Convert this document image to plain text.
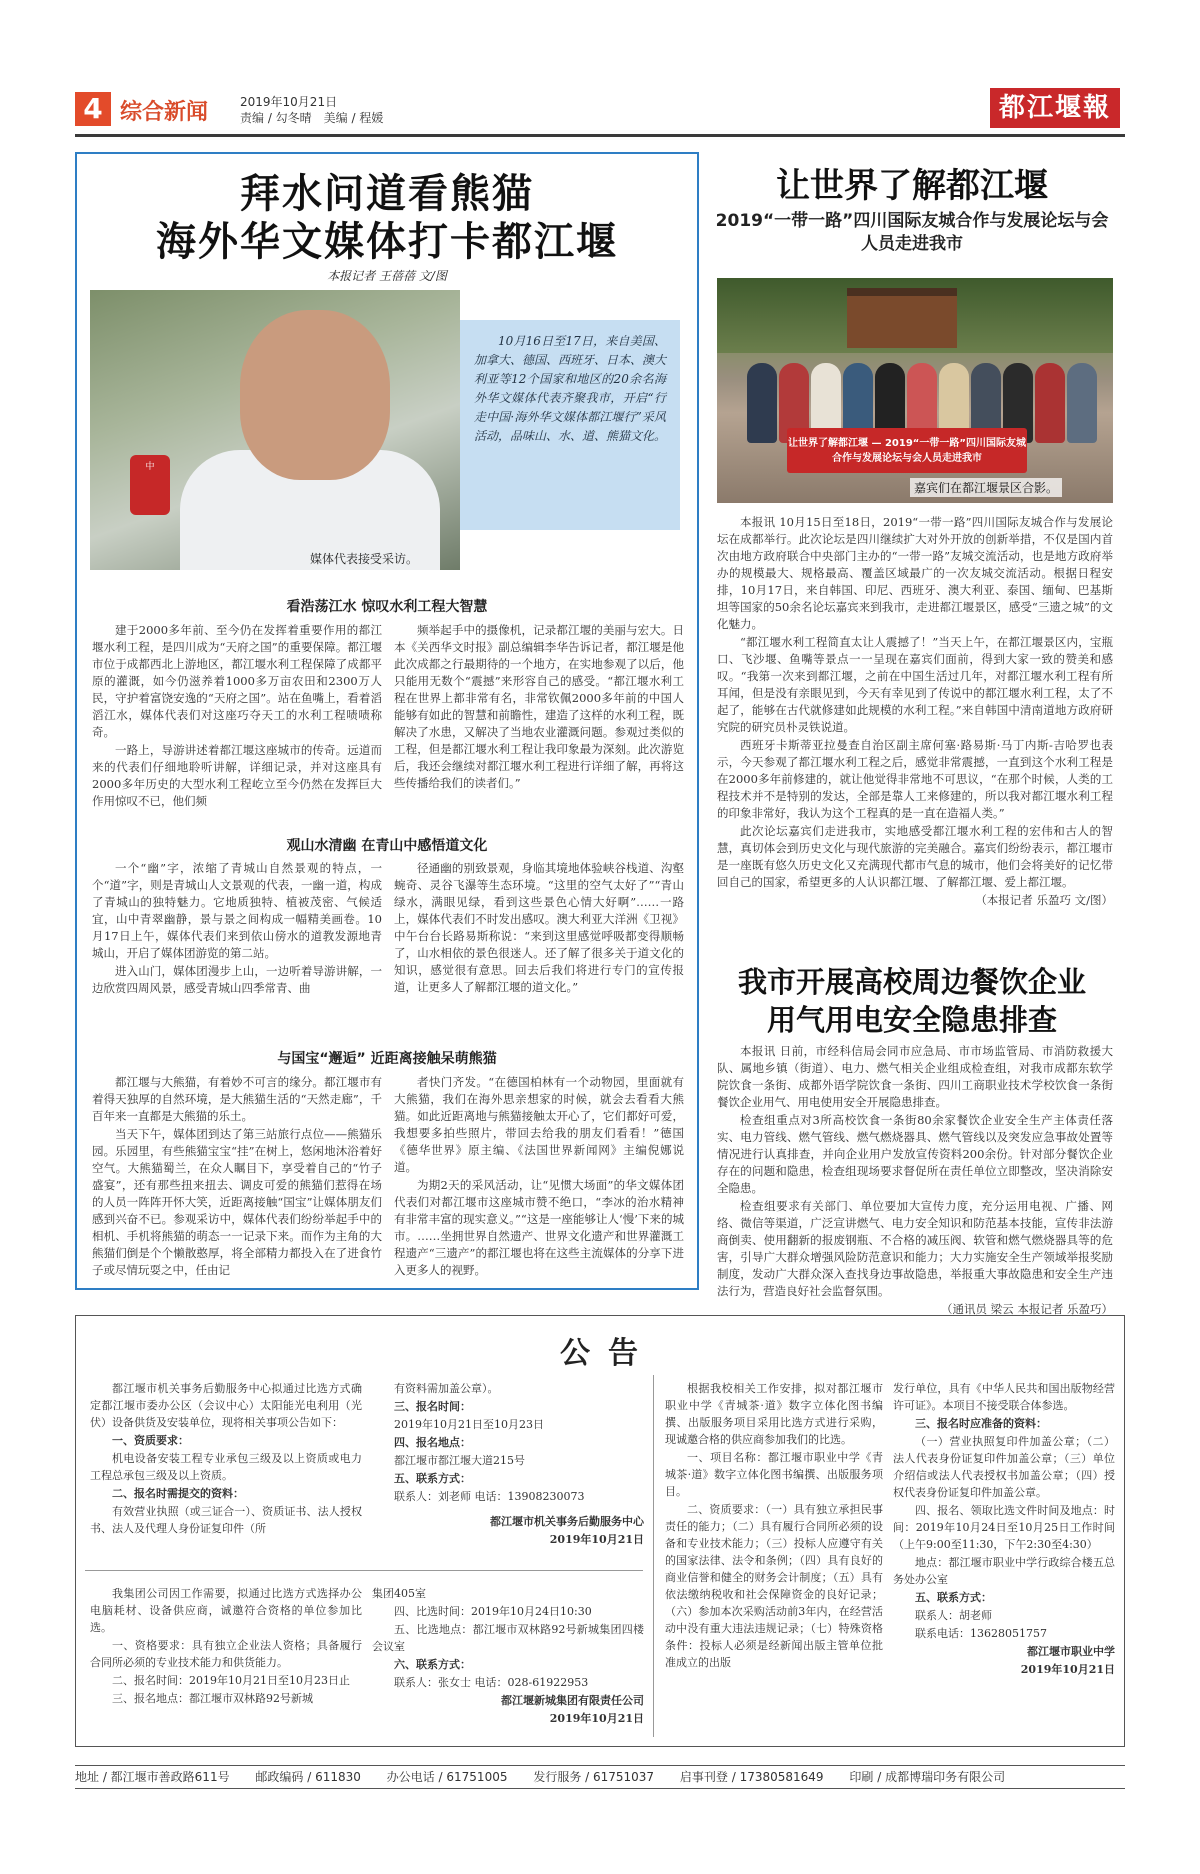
4 综合新闻	2019年10月21日
责编 / 勾冬晴　美编 / 程媛	都江堰報
拜水问道看熊猫
海外华文媒体打卡都江堰
本报记者 王蓓蓓 文/图
中
媒体代表接受采访。

10月16日至17日，来自美国、加拿大、德国、西班牙、日本、澳大利亚等12个国家和地区的20余名海外华文媒体代表齐聚我市，开启“行走中国·海外华文媒体都江堰行”采风活动，品味山、水、道、熊猫文化。

看浩荡江水 惊叹水利工程大智慧

建于2000多年前、至今仍在发挥着重要作用的都江堰水利工程，是四川成为“天府之国”的重要保障。都江堰市位于成都西北上游地区，都江堰水利工程保障了成都平原的灌溉，如今仍滋养着1000多万亩农田和2300万人民，守护着富饶安逸的“天府之国”。站在鱼嘴上，看着滔滔江水，媒体代表们对这座巧夺天工的水利工程啧啧称奇。

一路上，导游讲述着都江堰这座城市的传奇。远道而来的代表们仔细地聆听讲解，详细记录，并对这座具有2000多年历史的大型水利工程屹立至今仍然在发挥巨大作用惊叹不已，他们频

频举起手中的摄像机，记录都江堰的美丽与宏大。日本《关西华文时报》副总编辑李华告诉记者，都江堰是他此次成都之行最期待的一个地方，在实地参观了以后，他只能用无数个“震撼”来形容自己的感受。“都江堰水利工程在世界上都非常有名，非常钦佩2000多年前的中国人能够有如此的智慧和前瞻性，建造了这样的水利工程，既解决了水患，又解决了当地农业灌溉问题。参观过类似的工程，但是都江堰水利工程让我印象最为深刻。此次游览后，我还会继续对都江堰水利工程进行详细了解，再将这些传播给我们的读者们。”

观山水清幽 在青山中感悟道文化

一个“幽”字，浓缩了青城山自然景观的特点，一个“道”字，则是青城山人文景观的代表，一幽一道，构成了青城山的独特魅力。它地质独特、植被茂密、气候适宜，山中青翠幽静，景与景之间构成一幅精美画卷。10月17日上午，媒体代表们来到依山傍水的道教发源地青城山，开启了媒体团游览的第二站。

进入山门，媒体团漫步上山，一边听着导游讲解，一边欣赏四周风景，感受青城山四季常青、曲

径通幽的别致景观，身临其境地体验峡谷栈道、沟壑蜿奇、灵谷飞瀑等生态环境。“这里的空气太好了”“青山绿水，满眼见绿，看到这些景色心情大好啊”……一路上，媒体代表们不时发出感叹。澳大利亚大洋洲《卫视》中午台台长路易斯称说：“来到这里感觉呼吸都变得顺畅了，山水相依的景色很迷人。还了解了很多关于道文化的知识，感觉很有意思。回去后我们将进行专门的宣传报道，让更多人了解都江堰的道文化。”

与国宝“邂逅” 近距离接触呆萌熊猫

都江堰与大熊猫，有着妙不可言的缘分。都江堰市有着得天独厚的自然环境，是大熊猫生活的“天然走廊”，千百年来一直都是大熊猫的乐土。

当天下午，媒体团到达了第三站旅行点位——熊猫乐园。乐园里，有些熊猫宝宝“挂”在树上，悠闲地沐浴着好空气。大熊猫蜀兰，在众人瞩目下，享受着自己的“竹子盛宴”，还有那些扭来扭去、调皮可爱的熊猫们惹得在场的人员一阵阵开怀大笑，近距离接触“国宝”让媒体朋友们感到兴奋不已。参观采访中，媒体代表们纷纷举起手中的相机、手机将熊猫的萌态一一记录下来。而作为主角的大熊猫们倒是个个懒散憨厚，将全部精力都投入在了进食竹子或尽情玩耍之中，任由记

者快门齐发。“在德国柏林有一个动物园，里面就有大熊猫，我们在海外思亲想家的时候，就会去看看大熊猫。如此近距离地与熊猫接触太开心了，它们都好可爱，我想要多拍些照片，带回去给我的朋友们看看！”德国《德华世界》原主编、《法国世界新闻网》主编倪娜说道。

为期2天的采风活动，让“见惯大场面”的华文媒体团代表们对都江堰市这座城市赞不绝口，“李冰的治水精神有非常丰富的现实意义。”“这是一座能够让人‘慢’下来的城市。……坐拥世界自然遗产、世界文化遗产和世界灌溉工程遗产“三遗产”的都江堰也将在这些主流媒体的分享下进入更多人的视野。

让世界了解都江堰
2019“一带一路”四川国际友城合作与发展论坛与会人员走进我市
让世界了解都江堰 — 2019“一带一路”四川国际友城合作与发展论坛与会人员走进我市
嘉宾们在都江堰景区合影。

本报讯 10月15日至18日，2019“一带一路”四川国际友城合作与发展论坛在成都举行。此次论坛是四川继续扩大对外开放的创新举措，不仅是国内首次由地方政府联合中央部门主办的“一带一路”友城交流活动，也是地方政府举办的规模最大、规格最高、覆盖区域最广的一次友城交流活动。根据日程安排，10月17日，来自韩国、印尼、西班牙、澳大利亚、泰国、缅甸、巴基斯坦等国家的50余名论坛嘉宾来到我市，走进都江堰景区，感受“三遗之城”的文化魅力。

“都江堰水利工程简直太让人震撼了！”当天上午，在都江堰景区内，宝瓶口、飞沙堰、鱼嘴等景点一一呈现在嘉宾们面前，得到大家一致的赞美和感叹。“我第一次来到都江堰，之前在中国生活过几年，对都江堰水利工程有所耳闻，但是没有亲眼见到，今天有幸见到了传说中的都江堰水利工程，太了不起了，能够在古代就修建如此规模的水利工程。”来自韩国中清南道地方政府研究院的研究员朴灵铁说道。

西班牙卡斯蒂亚拉曼查自治区副主席何塞·路易斯·马丁内斯-吉哈罗也表示，今天参观了都江堰水利工程之后，感觉非常震撼，一直到这个水利工程是在2000多年前修建的，就让他觉得非常地不可思议，“在那个时候，人类的工程技术并不是特别的发达，全部是靠人工来修建的，所以我对都江堰水利工程的印象非常好，我认为这个工程真的是一直在造福人类。”

此次论坛嘉宾们走进我市，实地感受都江堰水利工程的宏伟和古人的智慧，真切体会到历史文化与现代旅游的完美融合。嘉宾们纷纷表示，都江堰市是一座既有悠久历史文化又充满现代都市气息的城市，他们会将美好的记忆带回自己的国家，希望更多的人认识都江堰、了解都江堰、爱上都江堰。

（本报记者 乐盈巧 文/图）

我市开展高校周边餐饮企业
用气用电安全隐患排查

本报讯 日前，市经科信局会同市应急局、市市场监管局、市消防救援大队、属地乡镇（街道）、电力、燃气相关企业组成检查组，对我市成都东软学院饮食一条街、成都外语学院饮食一条街、四川工商职业技术学校饮食一条街餐饮企业用气、用电使用安全开展隐患排查。

检查组重点对3所高校饮食一条街80余家餐饮企业安全生产主体责任落实、电力管线、燃气管线、燃气燃烧器具、燃气管线以及突发应急事故处置等情况进行认真排查，并向企业用户发放宣传资料200余份。针对部分餐饮企业存在的问题和隐患，检查组现场要求督促所在责任单位立即整改，坚决消除安全隐患。

检查组要求有关部门、单位要加大宣传力度，充分运用电视、广播、网络、微信等渠道，广泛宣讲燃气、电力安全知识和防范基本技能，宣传非法游商倒卖、使用翻新的报废钢瓶、不合格的减压阀、软管和燃气燃烧器具等的危害，引导广大群众增强风险防范意识和能力；大力实施安全生产领域举报奖励制度，发动广大群众深入查找身边事故隐患，举报重大事故隐患和安全生产违法行为，营造良好社会监督氛围。

（通讯员 梁云 本报记者 乐盈巧）

公告

都江堰市机关事务后勤服务中心拟通过比选方式确定都江堰市委办公区（会议中心）太阳能光电利用（光伏）设备供货及安装单位，现将相关事项公告如下：

一、资质要求：

机电设备安装工程专业承包三级及以上资质或电力工程总承包三级及以上资质。

二、报名时需提交的资料：

有效营业执照（或三证合一）、资质证书、法人授权书、法人及代理人身份证复印件（所

有资料需加盖公章）。

三、报名时间：

2019年10月21日至10月23日

四、报名地点：

都江堰市都江堰大道215号

五、联系方式：

联系人：刘老师 电话：13908230073

都江堰市机关事务后勤服务中心

2019年10月21日

我集团公司因工作需要，拟通过比选方式选择办公电脑耗材、设备供应商，诚邀符合资格的单位参加比选。

一、资格要求：具有独立企业法人资格；具备履行合同所必须的专业技术能力和供货能力。

二、报名时间：2019年10月21日至10月23日止

三、报名地点：都江堰市双林路92号新城

集团405室

四、比选时间：2019年10月24日10:30

五、比选地点：都江堰市双林路92号新城集团四楼会议室

六、联系方式：

联系人：张女士 电话：028-61922953

都江堰新城集团有限责任公司

2019年10月21日

根据我校相关工作安排，拟对都江堰市职业中学《青城茶·道》数字立体化图书编撰、出版服务项目采用比选方式进行采购，现诚邀合格的供应商参加我们的比选。

一、项目名称：都江堰市职业中学《青城茶·道》数字立体化图书编撰、出版服务项目。

二、资质要求：（一）具有独立承担民事责任的能力；（二）具有履行合同所必须的设备和专业技术能力；（三）投标人应遵守有关的国家法律、法令和条例；（四）具有良好的商业信誉和健全的财务会计制度；（五）具有依法缴纳税收和社会保障资金的良好记录；（六）参加本次采购活动前3年内，在经营活动中没有重大违法违规记录；（七）特殊资格条件：投标人必须是经新闻出版主管单位批准成立的出版

发行单位，具有《中华人民共和国出版物经营许可证》。本项目不接受联合体参选。

三、报名时应准备的资料：

（一）营业执照复印件加盖公章；（二）法人代表身份证复印件加盖公章；（三）单位介绍信或法人代表授权书加盖公章；（四）授权代表身份证复印件加盖公章。

四、报名、领取比选文件时间及地点：时间：2019年10月24日至10月25日工作时间（上午9:00至11:30，下午2:30至4:30）

地点：都江堰市职业中学行政综合楼五总务处办公室

五、联系方式：

联系人：胡老师

联系电话：13628051757

都江堰市职业中学

2019年10月21日

地址 / 都江堰市善政路611号 邮政编码 / 611830 办公电话 / 61751005 发行服务 / 61751037 启事刊登 / 17380581649 印刷 / 成都博瑞印务有限公司
